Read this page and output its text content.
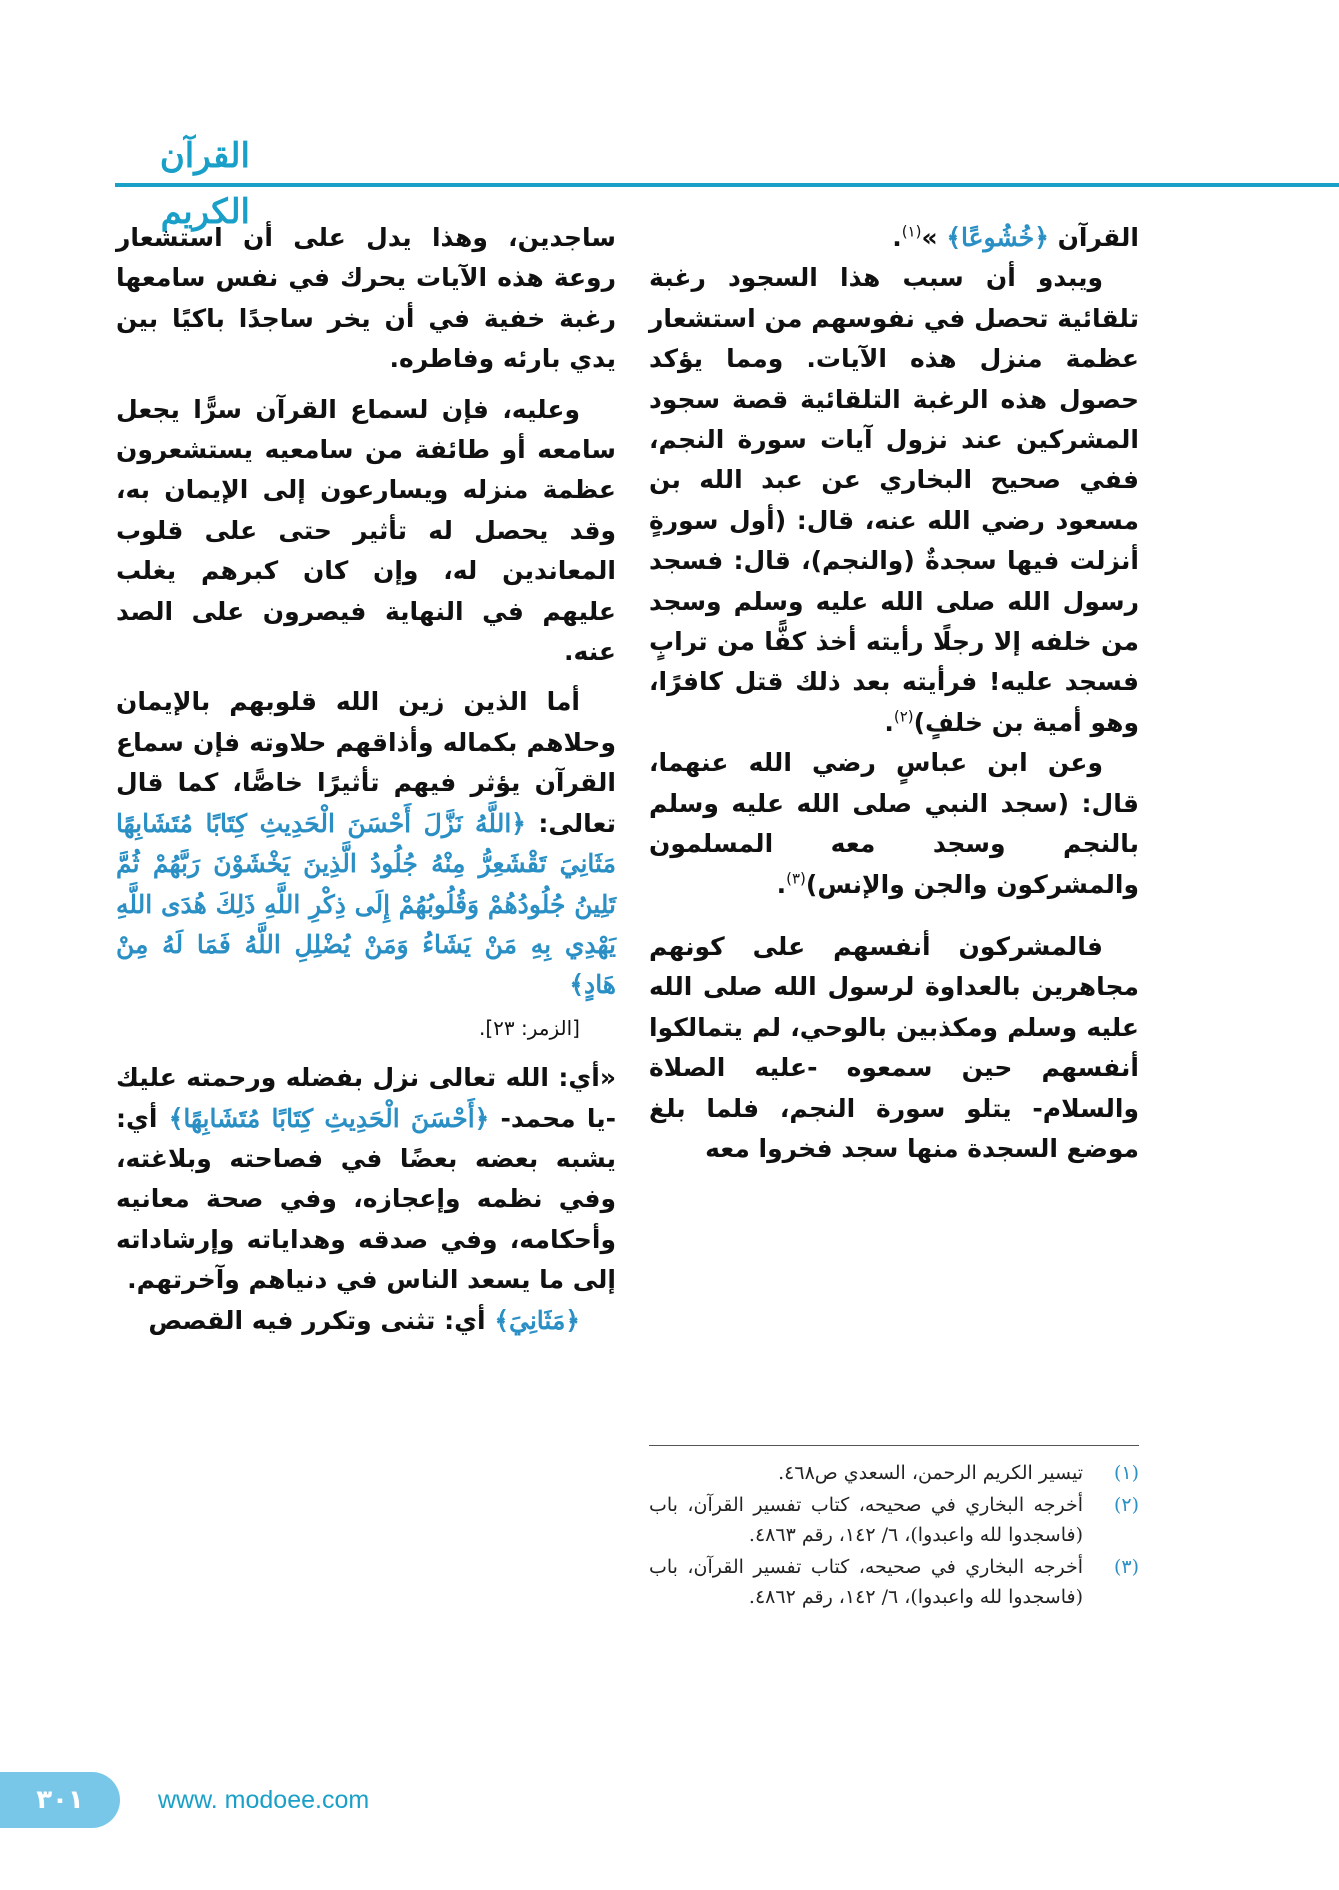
القرآن الكريم

القرآن ﴿خُشُوعًا﴾ »$^{(١)}$.

ويبدو أن سبب هذا السجود رغبة تلقائية تحصل في نفوسهم من استشعار عظمة منزل هذه الآيات. ومما يؤكد حصول هذه الرغبة التلقائية قصة سجود المشركين عند نزول آيات سورة النجم، ففي صحيح البخاري عن عبد الله بن مسعود رضي الله عنه، قال: (أول سورةٍ أنزلت فيها سجدةٌ (والنجم)، قال: فسجد رسول الله صلى الله عليه وسلم وسجد من خلفه إلا رجلًا رأيته أخذ كفًّا من ترابٍ فسجد عليه! فرأيته بعد ذلك قتل كافرًا، وهو أمية بن خلفٍ)$^{(٢)}$.

وعن ابن عباسٍ رضي الله عنهما، قال: (سجد النبي صلى الله عليه وسلم بالنجم وسجد معه المسلمون والمشركون والجن والإنس)$^{(٣)}$.

فالمشركون أنفسهم على كونهم مجاهرين بالعداوة لرسول الله صلى الله عليه وسلم ومكذبين بالوحي، لم يتمالكوا أنفسهم حين سمعوه -عليه الصلاة والسلام- يتلو سورة النجم، فلما بلغ موضع السجدة منها سجد فخروا معه

(١)
تيسير الكريم الرحمن، السعدي ص٤٦٨.
(٢)
أخرجه البخاري في صحيحه، كتاب تفسير القرآن، باب (فاسجدوا لله واعبدوا)، ٦/ ١٤٢، رقم ٤٨٦٣.
(٣)
أخرجه البخاري في صحيحه، كتاب تفسير القرآن، باب (فاسجدوا لله واعبدوا)، ٦/ ١٤٢، رقم ٤٨٦٢.

ساجدين، وهذا يدل على أن استشعار روعة هذه الآيات يحرك في نفس سامعها رغبة خفية في أن يخر ساجدًا باكيًا بين يدي بارئه وفاطره.

وعليه، فإن لسماع القرآن سرًّا يجعل سامعه أو طائفة من سامعيه يستشعرون عظمة منزله ويسارعون إلى الإيمان به، وقد يحصل له تأثير حتى على قلوب المعاندين له، وإن كان كبرهم يغلب عليهم في النهاية فيصرون على الصد عنه.

أما الذين زين الله قلوبهم بالإيمان وحلاهم بكماله وأذاقهم حلاوته فإن سماع القرآن يؤثر فيهم تأثيرًا خاصًّا، كما قال تعالى: ﴿اللَّهُ نَزَّلَ أَحْسَنَ الْحَدِيثِ كِتَابًا مُتَشَابِهًا مَثَانِيَ تَقْشَعِرُّ مِنْهُ جُلُودُ الَّذِينَ يَخْشَوْنَ رَبَّهُمْ ثُمَّ تَلِينُ جُلُودُهُمْ وَقُلُوبُهُمْ إِلَى ذِكْرِ اللَّهِ ذَلِكَ هُدَى اللَّهِ يَهْدِي بِهِ مَنْ يَشَاءُ وَمَنْ يُضْلِلِ اللَّهُ فَمَا لَهُ مِنْ هَادٍ﴾
[الزمر: ٢٣].

«أي: الله تعالى نزل بفضله ورحمته عليك -يا محمد- ﴿أَحْسَنَ الْحَدِيثِ كِتَابًا مُتَشَابِهًا﴾ أي: يشبه بعضه بعضًا في فصاحته وبلاغته، وفي نظمه وإعجازه، وفي صحة معانيه وأحكامه، وفي صدقه وهداياته وإرشاداته إلى ما يسعد الناس في دنياهم وآخرتهم.

﴿مَثَانِيَ﴾ أي: تثنى وتكرر فيه القصص

٣٠١	www. modoee.com
